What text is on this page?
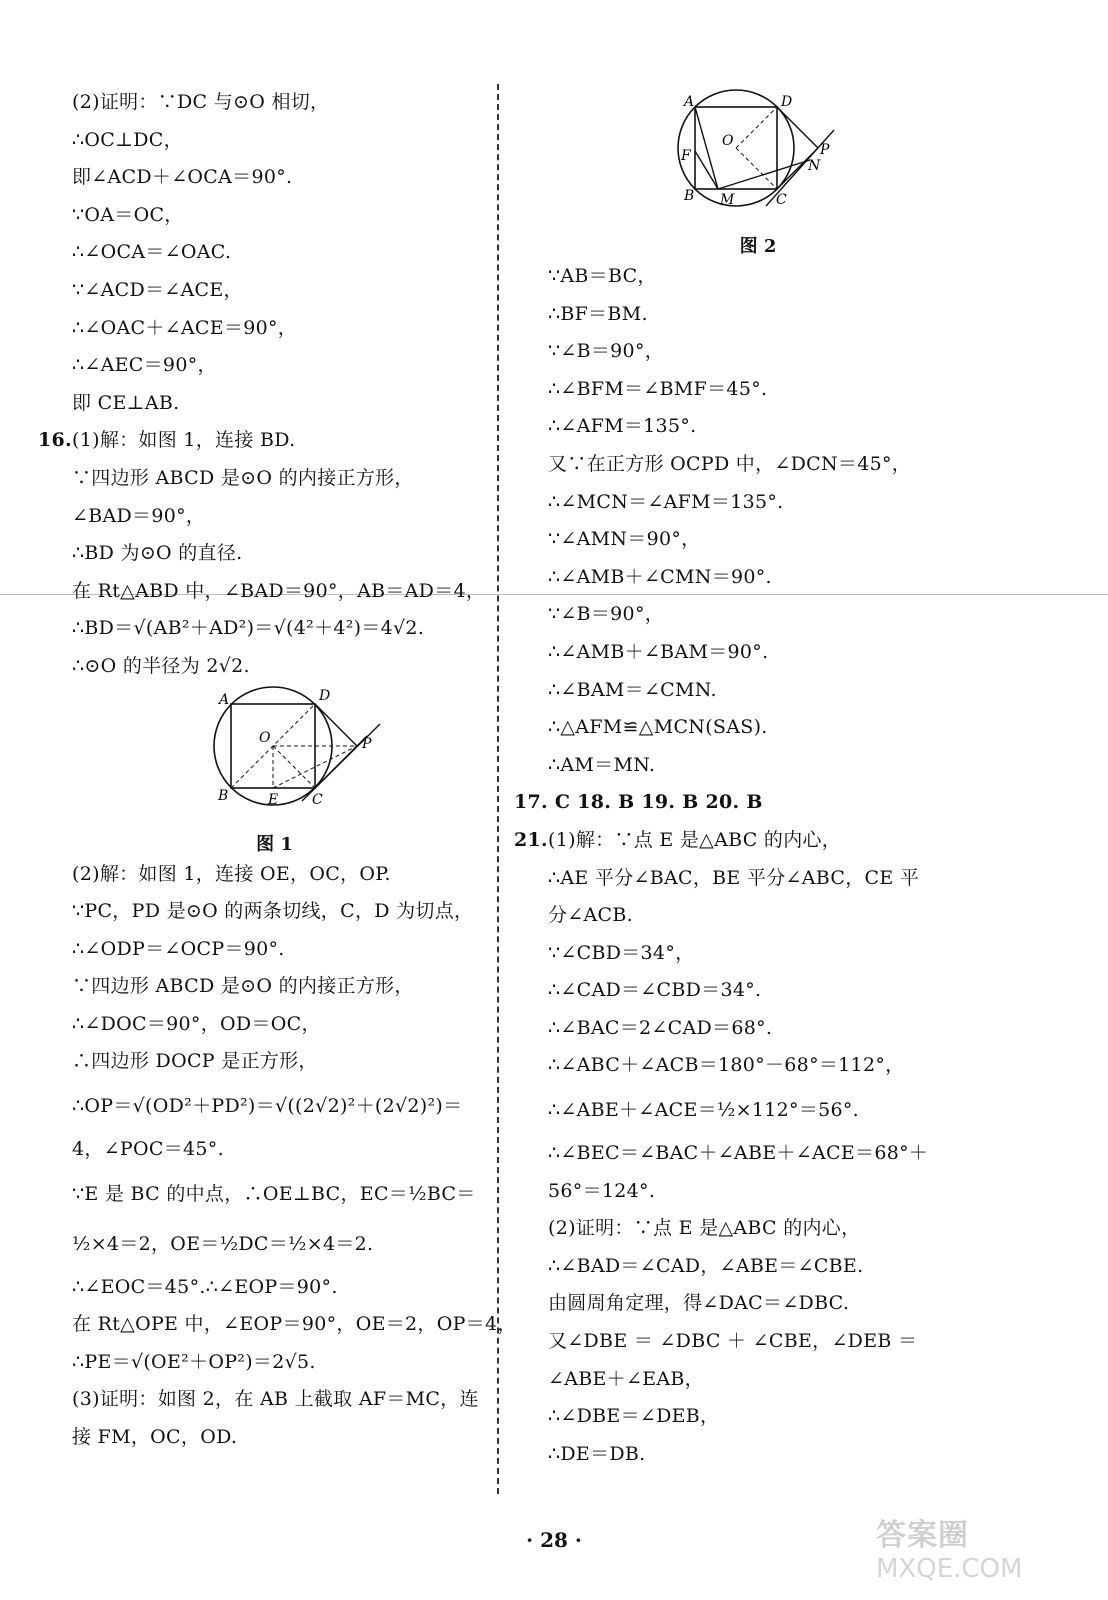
(2)证明：∵DC 与⊙O 相切，
∴OC⊥DC，
即∠ACD＋∠OCA＝90°.
∵OA＝OC，
∴∠OCA＝∠OAC.
∵∠ACD＝∠ACE，
∴∠OAC＋∠ACE＝90°，
∴∠AEC＝90°，
即 CE⊥AB.
16.(1)解：如图 1，连接 BD.
∵四边形 ABCD 是⊙O 的内接正方形，
∠BAD＝90°，
∴BD 为⊙O 的直径.
在 Rt△ABD 中，∠BAD＝90°，AB＝AD＝4，
∴BD＝√(AB²＋AD²)＝√(4²＋4²)＝4√2.
∴⊙O 的半径为 2√2.
A	D
O	P
B	E C
图 1
(2)解：如图 1，连接 OE，OC，OP.
∵PC，PD 是⊙O 的两条切线，C，D 为切点，
∴∠ODP＝∠OCP＝90°.
∵四边形 ABCD 是⊙O 的内接正方形，
∴∠DOC＝90°，OD＝OC，
∴四边形 DOCP 是正方形，
∴OP＝√(OD²＋PD²)＝√((2√2)²＋(2√2)²)＝
4，∠POC＝45°.
∵E 是 BC 的中点，∴OE⊥BC，EC＝½BC＝
½×4＝2，OE＝½DC＝½×4＝2.
∴∠EOC＝45°.∴∠EOP＝90°.
在 Rt△OPE 中，∠EOP＝90°，OE＝2，OP＝4，
∴PE＝√(OE²＋OP²)＝2√5.
(3)证明：如图 2，在 AB 上截取 AF＝MC，连
接 FM，OC，OD.
A	D
O
F	P
N
B M	C
图 2
∵AB＝BC，
∴BF＝BM.
∵∠B＝90°，
∴∠BFM＝∠BMF＝45°.
∴∠AFM＝135°.
又∵在正方形 OCPD 中，∠DCN＝45°，
∴∠MCN＝∠AFM＝135°.
∵∠AMN＝90°，
∴∠AMB＋∠CMN＝90°.
∵∠B＝90°，
∴∠AMB＋∠BAM＝90°.
∴∠BAM＝∠CMN.
∴△AFM≌△MCN(SAS).
∴AM＝MN.
17. C 18. B 19. B 20. B
21.(1)解：∵点 E 是△ABC 的内心，
∴AE 平分∠BAC，BE 平分∠ABC，CE 平
分∠ACB.
∵∠CBD＝34°，
∴∠CAD＝∠CBD＝34°.
∴∠BAC＝2∠CAD＝68°.
∴∠ABC＋∠ACB＝180°－68°＝112°，
∴∠ABE＋∠ACE＝½×112°＝56°.
∴∠BEC＝∠BAC＋∠ABE＋∠ACE＝68°＋
56°＝124°.
(2)证明：∵点 E 是△ABC 的内心，
∴∠BAD＝∠CAD，∠ABE＝∠CBE.
由圆周角定理，得∠DAC＝∠DBC.
又∠DBE ＝ ∠DBC ＋ ∠CBE，∠DEB ＝
∠ABE＋∠EAB，
∴∠DBE＝∠DEB，
∴DE＝DB.
· 28 ·	答案圈
MXQE.COM
